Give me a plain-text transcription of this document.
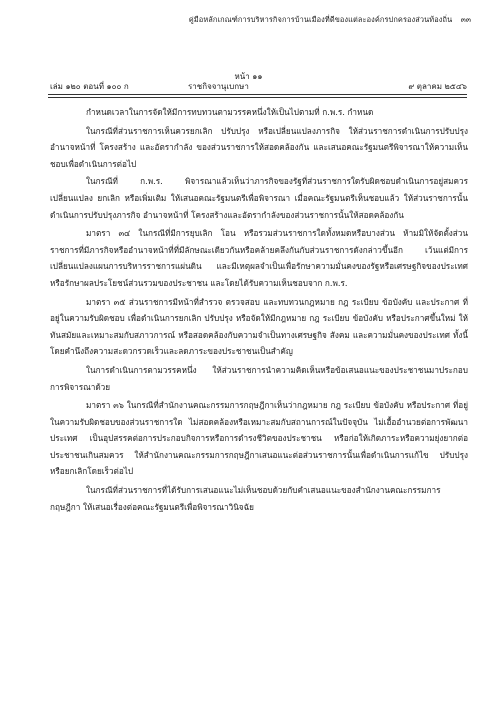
คู่มือหลักเกณฑ์การบริหารกิจการบ้านเมืองที่ดีของแต่ละองค์กรปกครองส่วนท้องถิ่น ๓๓
หน้า ๑๑
เล่ม ๑๒๐ ตอนที่ ๑๐๐ ก	ราชกิจจานุเบกษา	๙ ตุลาคม ๒๕๔๖

กำหนดเวลาในการจัดให้มีการทบทวนตามวรรคหนึ่งให้เป็นไปตามที่ ก.พ.ร. กำหนด

ในกรณีที่ส่วนราชการเห็นควรยกเลิก ปรับปรุง หรือเปลี่ยนแปลงภารกิจ ให้ส่วนราชการดำเนินการปรับปรุงอำนาจหน้าที่ โครงสร้าง และอัตรากำลัง ของส่วนราชการให้สอดคล้องกัน และเสนอคณะรัฐมนตรีพิจารณาให้ความเห็นชอบเพื่อดำเนินการต่อไป

ในกรณีที่ ก.พ.ร. พิจารณาแล้วเห็นว่าภารกิจของรัฐที่ส่วนราชการใดรับผิดชอบดำเนินการอยู่สมควรเปลี่ยนแปลง ยกเลิก หรือเพิ่มเติม ให้เสนอคณะรัฐมนตรีเพื่อพิจารณา เมื่อคณะรัฐมนตรีเห็นชอบแล้ว ให้ส่วนราชการนั้นดำเนินการปรับปรุงภารกิจ อำนาจหน้าที่ โครงสร้างและอัตรากำลังของส่วนราชการนั้นให้สอดคล้องกัน

มาตรา ๓๔ ในกรณีที่มีการยุบเลิก โอน หรือรวมส่วนราชการใดทั้งหมดหรือบางส่วน ห้ามมิให้จัดตั้งส่วนราชการที่มีภารกิจหรืออำนาจหน้าที่ที่มีลักษณะเดียวกันหรือคล้ายคลึงกันกับส่วนราชการดังกล่าวขึ้นอีก เว้นแต่มีการเปลี่ยนแปลงแผนการบริหารราชการแผ่นดิน และมีเหตุผลจำเป็นเพื่อรักษาความมั่นคงของรัฐหรือเศรษฐกิจของประเทศ หรือรักษาผลประโยชน์ส่วนรวมของประชาชน และโดยได้รับความเห็นชอบจาก ก.พ.ร.

มาตรา ๓๕ ส่วนราชการมีหน้าที่สำรวจ ตรวจสอบ และทบทวนกฎหมาย กฎ ระเบียบ ข้อบังคับ และประกาศ ที่อยู่ในความรับผิดชอบ เพื่อดำเนินการยกเลิก ปรับปรุง หรือจัดให้มีกฎหมาย กฎ ระเบียบ ข้อบังคับ หรือประกาศขึ้นใหม่ ให้ทันสมัยและเหมาะสมกับสภาวการณ์ หรือสอดคล้องกับความจำเป็นทางเศรษฐกิจ สังคม และความมั่นคงของประเทศ ทั้งนี้ โดยคำนึงถึงความสะดวกรวดเร็วและลดภาระของประชาชนเป็นสำคัญ

ในการดำเนินการตามวรรคหนึ่ง ให้ส่วนราชการนำความคิดเห็นหรือข้อเสนอแนะของประชาชนมาประกอบการพิจารณาด้วย

มาตรา ๓๖ ในกรณีที่สำนักงานคณะกรรมการกฤษฎีกาเห็นว่ากฎหมาย กฎ ระเบียบ ข้อบังคับ หรือประกาศ ที่อยู่ในความรับผิดชอบของส่วนราชการใด ไม่สอดคล้องหรือเหมาะสมกับสถานการณ์ในปัจจุบัน ไม่เอื้ออำนวยต่อการพัฒนาประเทศ เป็นอุปสรรคต่อการประกอบกิจการหรือการดำรงชีวิตของประชาชน หรือก่อให้เกิดภาระหรือความยุ่งยากต่อประชาชนเกินสมควร ให้สำนักงานคณะกรรมการกฤษฎีกาเสนอแนะต่อส่วนราชการนั้นเพื่อดำเนินการแก้ไข ปรับปรุง หรือยกเลิกโดยเร็วต่อไป

ในกรณีที่ส่วนราชการที่ได้รับการเสนอแนะไม่เห็นชอบด้วยกับคำเสนอแนะของสำนักงานคณะกรรมการกฤษฎีกา ให้เสนอเรื่องต่อคณะรัฐมนตรีเพื่อพิจารณาวินิจฉัย
